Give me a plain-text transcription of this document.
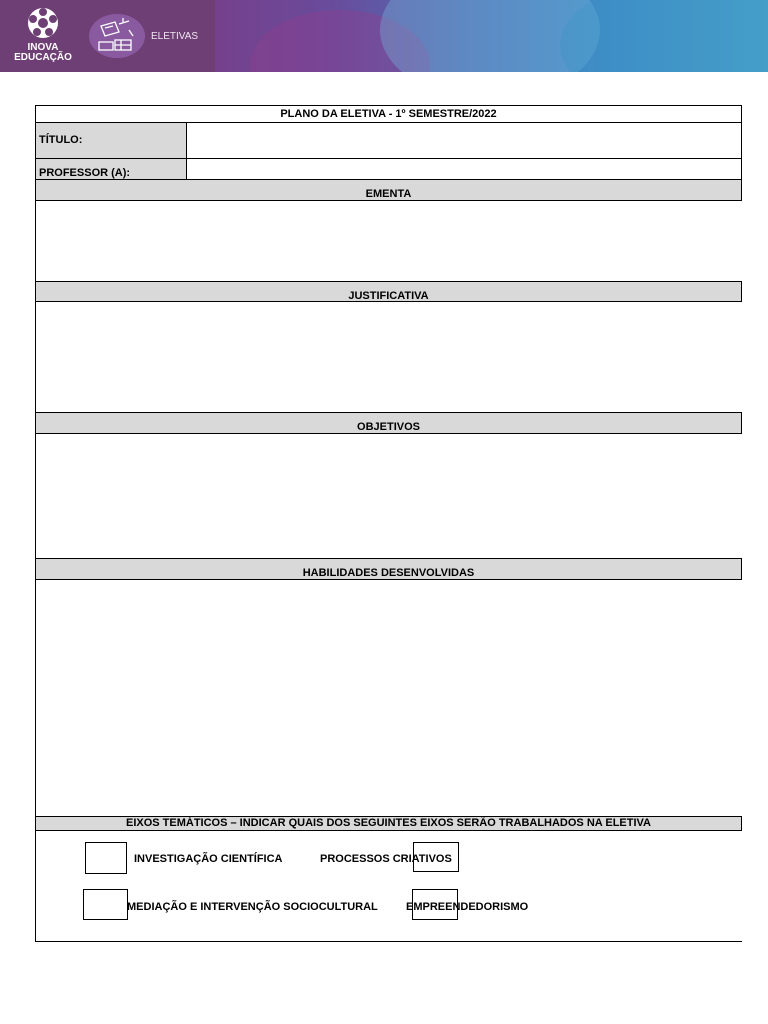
INOVA
EDUCAÇÃO
ELETIVAS
PLANO DA ELETIVA - 1º SEMESTRE/2022
TÍTULO:
PROFESSOR (A):
EMENTA
JUSTIFICATIVA
OBJETIVOS
HABILIDADES DESENVOLVIDAS
EIXOS TEMÁTICOS – INDICAR QUAIS DOS SEGUINTES EIXOS SERÃO TRABALHADOS NA ELETIVA
INVESTIGAÇÃO CIENTÍFICA	PROCESSOS CRIATIVOS
MEDIAÇÃO E INTERVENÇÃO SOCIOCULTURAL	EMPREENDEDORISMO
